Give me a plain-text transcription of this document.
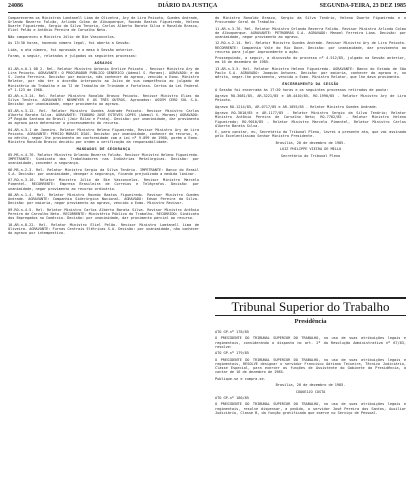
24086	DIÁRIO DA JUSTIÇA	SEGUNDA-FEIRA, 23 DEZ 1985

Comparecerem os Ministros Lomtanell Lima de Olivetra, Ary de Lira Peixoto, Guedes Andrade, Orlando Bezerro Falcão, Arlindo Colmo de Albuquerque, Rocedo Bastos Figueiredo, Heleno Duarte Figueiredo, Sergio da Silva Tenorio, Carlos Alberto Barata Silva e Ronaldo Brasco, Eliel Pelão e Antônio Pereira de Carvalho Neto.

Não compareceu o Ministro Júlio de Bie Vasconcelos.

As 13:30 horas, havendo número legal, foi aberta a Sessão.

Lida, a ata número, foi aprovada e a mesa à Sessão anterior.

Foram, a seguir, relatados e julgados os seguintes processos:

AGRAVOS

01.AR-n-0-1 08 2. Rel. Relator Ministro Antonio Orelice Peixoto - Revisor Ministro Ary de Lira Peixoto. AGRAVANTE: O PROCURADOR PUBLICO GENERICO (Ademil S. Moraes). AGRAVADO: e do S. Junta Ferreira. Decisão: por maioria, não conhecer do agravo, vencido o Exmo. Ministro Relator, por não ter o ácordão interposto ao Juízo de sua competência ao julgado de Ministério do Trabalho e ao TJ de Trabalho de Trindade e Fortaleza. Certos da Lei Federal nº 1.123 de 1968.

02.AR-n-3-14. Rel. Relator Ministro Ronaldo Brasco Peixoto. Revisor Ministro Elias da Silva Tenório. AGRAVANTE: NEUMEYER E OS TRÊS OUTROS. Agravados: ASSEM CERO SUL S.A. Decisão: por unanimidade, negar provimento ao agravo.

03.AR-n-3-12. Rel. Relator Ministro Guedes Andrade Peixoto. Revisor Ministro Carlos Alberto Barata Silva. AGRAVANTE: TEODORO JOSÉ ESTEVES LOPES (Ademil S. Moraes) AGRAVADO: 2ª Região Santana do Brasil (Jair Bilac e Prata). Decisão: por unanimidade, dar provimento ao agravo para determinar o processamento do recurso.

04.AR-n-3-1 de Janeiro. Relator Ministro Heleno Figueiredo, Revisor Ministro Ary de Lira Peixoto. AGRAVANTE: PERSIO MORAIS DIAS. Decisão: por unanimidade, conhecer do recurso, e, no mérito, negar-lhe provimento em conformidade com a Lei nº 9.099 de 1960, porém o Exmo. Ministro Ronaldo Brasco decidiu por ordem a verificação da responsabilidade.

MANDADOS DE SEGURANÇA

05.MS-n-4-76. Relator Ministro Orlando Bezerra Falcão. Revisor Ministro Heleno Figueiredo. IMPETRANTE: Sindicato dos Trabalhadores nas Indústrias Metalúrgicas. Decisão: por unanimidade, conceder a segurança.

06.MS-n-2-3. Rel. Relator Ministro Sergio da Silva Tenório. IMPETRANTE: Banco do Brasil S.A. Decisão: por unanimidade, denegar a segurança, ficando prejudicada a medida liminar.

07.RO-n-3-10. Relator Ministro Júlio de Bie Vasconcelos. Revisor Ministro Marcelo Pimentel. RECORRENTE: Empresa Brasileira de Correios e Telégrafos. Decisão: por unanimidade, negar provimento ao recurso ordinário.

08.AR-n-1-4. Rel. Relator Ministro Rocedo Bastos Figueiredo. Revisor Ministro Guedes Andrade. AGRAVANTE: Companhia Siderúrgica Nacional. AGRAVADO: Edson Pereira da Silva. Decisão: por maioria, negar provimento ao agravo, vencido o Exmo. Ministro Revisor.

09.RO-n-4-5. Rel. Relator Ministro Carlos Alberto Barata Silva. Revisor Ministro Antônio Pereira de Carvalho Neto. RECORRENTE: Ministério Público do Trabalho. RECORRIDO: Sindicato dos Empregados no Comércio. Decisão: por unanimidade, dar provimento parcial ao recurso.

10.AR-n-8-22. Rel. Relator Ministro Eliel Pelão. Revisor Ministro Lomtanell Lima de Oliveira. AGRAVANTE: Furnas Centrais Elétricas S.A. Decisão: por unanimidade, não conhecer do agravo por intempestivo.

do Ministro Ronaldo Brasco, Sergio da Silva Tenório, Heleno Duarte Figueiredo e o Procurador Geral do Trabalho.

11.AR-n-3-76. Rel. Relator Ministro Orlando Bezerra Falcão. Revisor Ministro Arlindo Colmo de Albuquerque. AGRAVANTE: PETROBRÁS S.A. AGRAVADO: Manoel Ferreira Lima. Decisão: por unanimidade, negar provimento ao agravo.

12.RO-n-2-14. Rel. Relator Ministro Guedes Andrade. Revisor Ministro Ary de Lira Peixoto. RECORRENTE: Companhia Vale do Rio Doce. Decisão: por unanimidade, dar provimento ao recurso para julgar improcedente a ação.

Prosseguindo, a seguir, a discussão do processo nº 4.512/85, julgado na Sessão anterior, em 16 de dezembro de 1985.

13.AR-n-3-5. Rel. Relator Ministro Heleno Figueiredo. AGRAVANTE: Banco do Estado de São Paulo S.A. AGRAVADO: Joaquim Antunes. Decisão: por maioria, conhecer do agravo e, no mérito, negar-lhe provimento, vencido o Exmo. Ministro Relator, que lhe dava provimento.

ENCERRAMENTO DA SESSÃO

A Sessão foi encerrada às 17:20 horas e os seguintes processos retirados de pauta:

Agravo RO-3081/85, AR-3221/85 e AR-4410/85, RO-1990/85 - Relator Ministro Ary de Lira Peixoto.

Agravo RO-1214/85, AR-0717/85 e AR-1055/85 - Relator Ministro Guedes Andrade.

Agravo RO-3010/85 e AR-1177/85 - Relator Ministro Sergio da Silva Tenório; Relator Ministro Antônio Pereira de Carvalho Neto; RO-7702/85 - Relator Ministro Heleno Figueiredo; RO-9010/85 - Relator Ministro Marcelo Pimentel, Relator Ministro Carlos Alberto Barata Silva.

E, para constar, eu, Secretário do Tribunal Pleno, lavrei a presente ata, que vai assinada pelo Excelentíssimo Senhor Ministro Presidente.

Brasília, 20 de dezembro de 1985.

LUIZ PHILIPPE VIEIRA DE MELLO

Secretário do Tribunal Pleno

Tribunal Superior do Trabalho
Presidência

ATO GP-nº 178/85

O PRESIDENTE DO TRIBUNAL SUPERIOR DO TRABALHO, no uso de suas atribuições legais e regimentais, considerando o disposto no art. 2º da Resolução Administrativa nº 67/83, resolve:

ATO GP-nº 179/85

O PRESIDENTE DO TRIBUNAL SUPERIOR DO TRABALHO, no uso de suas atribuições legais e regimentais, RESOLVE designar o servidor Francisco Adriano Teixeira, Técnico Judiciário, Classe Especial, para exercer as funções de Assistente do Gabinete da Presidência, a contar de 16 de dezembro de 1985.

Publique-se e cumpra-se.

Brasília, 20 de dezembro de 1985.

COQUEIJO COSTA

ATO GP-nº 180/85

O PRESIDENTE DO TRIBUNAL SUPERIOR DO TRABALHO, no uso de suas atribuições legais e regimentais, resolve dispensar, a pedido, o servidor José Pereira dos Santos, Auxiliar Judiciário, Classe B, da função gratificada que exerce no Serviço de Pessoal.
